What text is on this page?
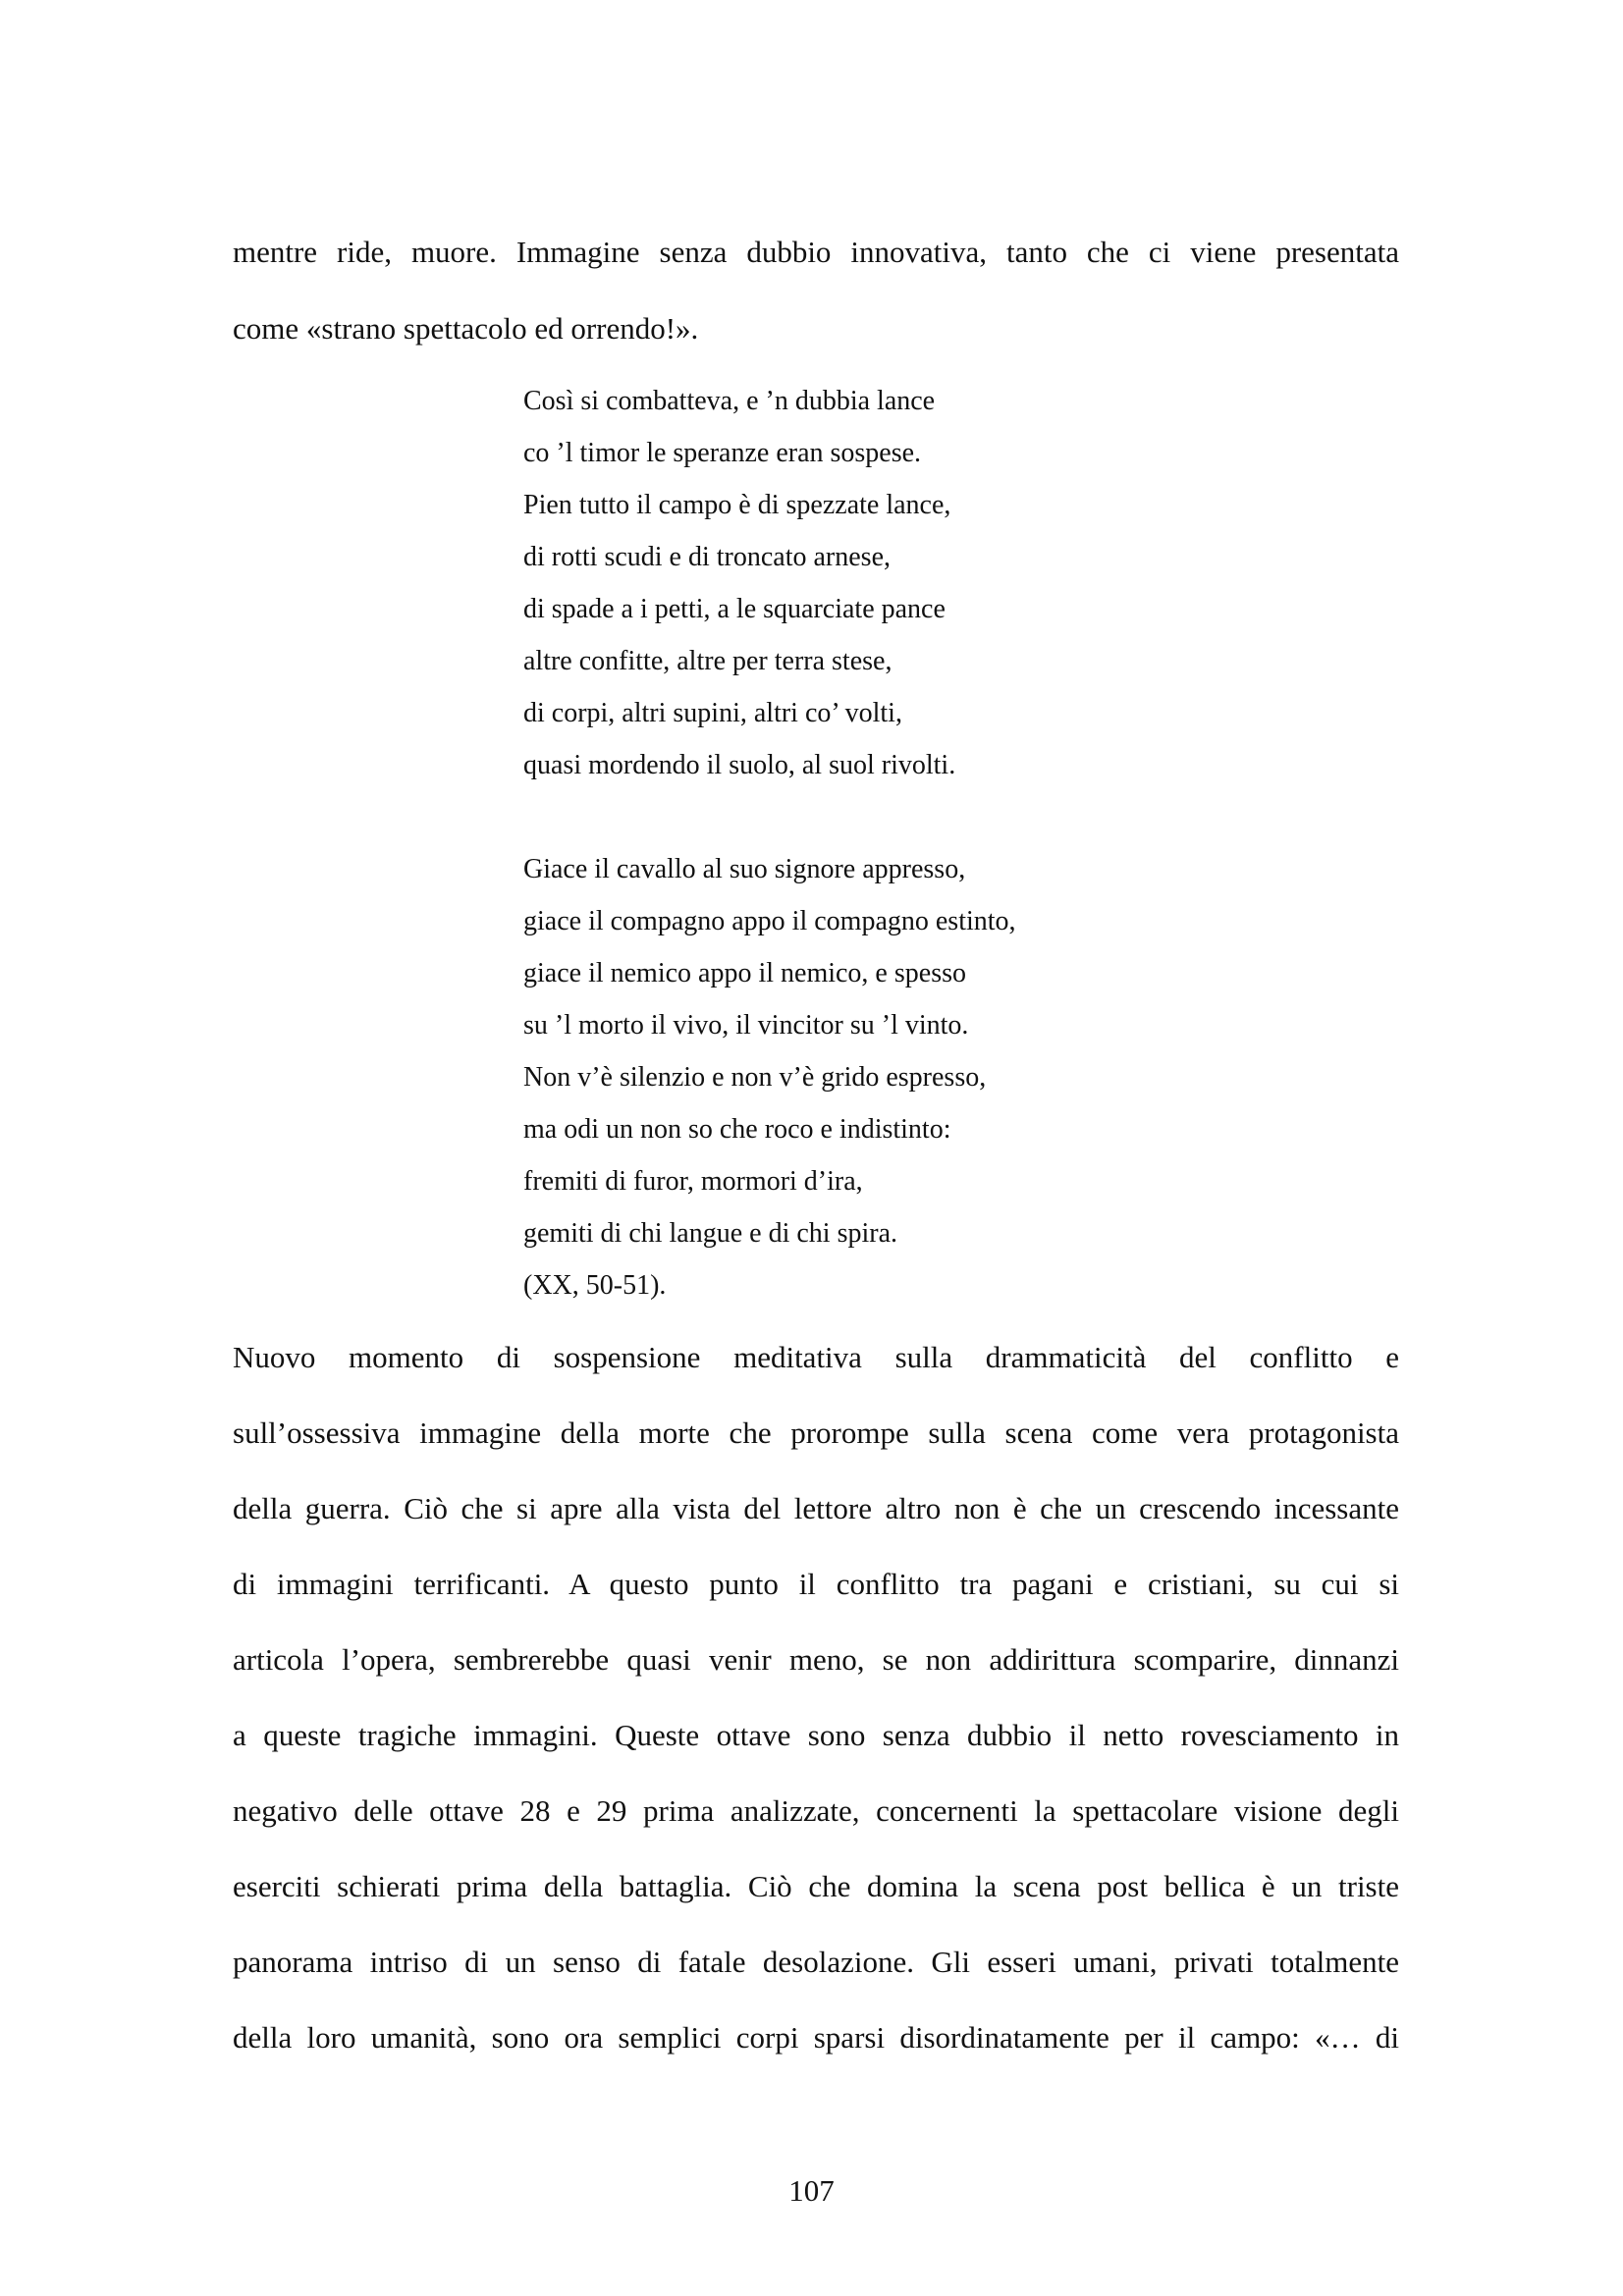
mentre ride, muore. Immagine senza dubbio innovativa, tanto che ci viene presentata
come «strano spettacolo ed orrendo!».
Così si combatteva, e ’n dubbia lance
co ’l timor le speranze eran sospese.
Pien tutto il campo è di spezzate lance,
di rotti scudi e di troncato arnese,
di spade a i petti, a le squarciate pance
altre confitte, altre per terra stese,
di corpi, altri supini, altri co’ volti,
quasi mordendo il suolo, al suol rivolti.
Giace il cavallo al suo signore appresso,
giace il compagno appo il compagno estinto,
giace il nemico appo il nemico, e spesso
su ’l morto il vivo, il vincitor su ’l vinto.
Non v’è silenzio e non v’è grido espresso,
ma odi un non so che roco e indistinto:
fremiti di furor, mormori d’ira,
gemiti di chi langue e di chi spira.
(XX, 50-51).
Nuovo momento di sospensione meditativa sulla drammaticità del conflitto e
sull’ossessiva immagine della morte che prorompe sulla scena come vera protagonista
della guerra. Ciò che si apre alla vista del lettore altro non è che un crescendo incessante
di immagini terrificanti. A questo punto il conflitto tra pagani e cristiani, su cui si
articola l’opera, sembrerebbe quasi venir meno, se non addirittura scomparire, dinnanzi
a queste tragiche immagini. Queste ottave sono senza dubbio il netto rovesciamento in
negativo delle ottave 28 e 29 prima analizzate, concernenti la spettacolare visione degli
eserciti schierati prima della battaglia. Ciò che domina la scena post bellica è un triste
panorama intriso di un senso di fatale desolazione. Gli esseri umani, privati totalmente
della loro umanità, sono ora semplici corpi sparsi disordinatamente per il campo: «… di
107
